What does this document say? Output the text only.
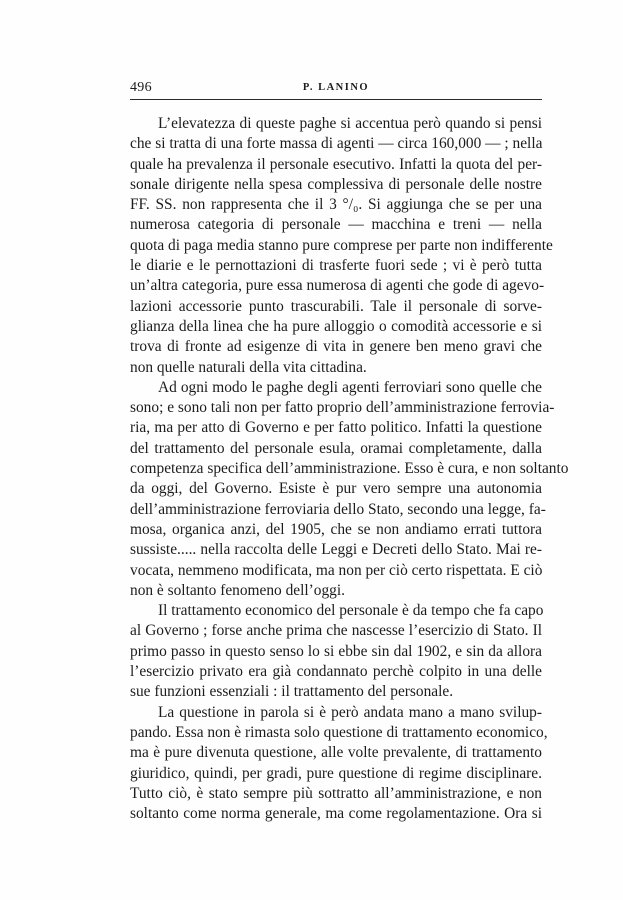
496	P. LANINO
L’elevatezza di queste paghe si accentua però quando si pensi
che si tratta di una forte massa di agenti — circa 160,000 — ; nella
quale ha prevalenza il personale esecutivo. Infatti la quota del per-
sonale dirigente nella spesa complessiva di personale delle nostre
FF. SS. non rappresenta che il 3 °/₀. Si aggiunga che se per una
numerosa categoria di personale — macchina e treni — nella
quota di paga media stanno pure comprese per parte non indifferente
le diarie e le pernottazioni di trasferte fuori sede ; vi è però tutta
un’altra categoria, pure essa numerosa di agenti che gode di agevo-
lazioni accessorie punto trascurabili. Tale il personale di sorve-
glianza della linea che ha pure alloggio o comodità accessorie e si
trova di fronte ad esigenze di vita in genere ben meno gravi che
non quelle naturali della vita cittadina.
Ad ogni modo le paghe degli agenti ferroviari sono quelle che
sono; e sono tali non per fatto proprio dell’amministrazione ferrovia-
ria, ma per atto di Governo e per fatto politico. Infatti la questione
del trattamento del personale esula, oramai completamente, dalla
competenza specifica dell’amministrazione. Esso è cura, e non soltanto
da oggi, del Governo. Esiste è pur vero sempre una autonomia
dell’amministrazione ferroviaria dello Stato, secondo una legge, fa-
mosa, organica anzi, del 1905, che se non andiamo errati tuttora
sussiste..... nella raccolta delle Leggi e Decreti dello Stato. Mai re-
vocata, nemmeno modificata, ma non per ciò certo rispettata. E ciò
non è soltanto fenomeno dell’oggi.
Il trattamento economico del personale è da tempo che fa capo
al Governo ; forse anche prima che nascesse l’esercizio di Stato. Il
primo passo in questo senso lo si ebbe sin dal 1902, e sin da allora
l’esercizio privato era già condannato perchè colpito in una delle
sue funzioni essenziali : il trattamento del personale.
La questione in parola si è però andata mano a mano svilup-
pando. Essa non è rimasta solo questione di trattamento economico,
ma è pure divenuta questione, alle volte prevalente, di trattamento
giuridico, quindi, per gradi, pure questione di regime disciplinare.
Tutto ciò, è stato sempre più sottratto all’amministrazione, e non
soltanto come norma generale, ma come regolamentazione. Ora si
